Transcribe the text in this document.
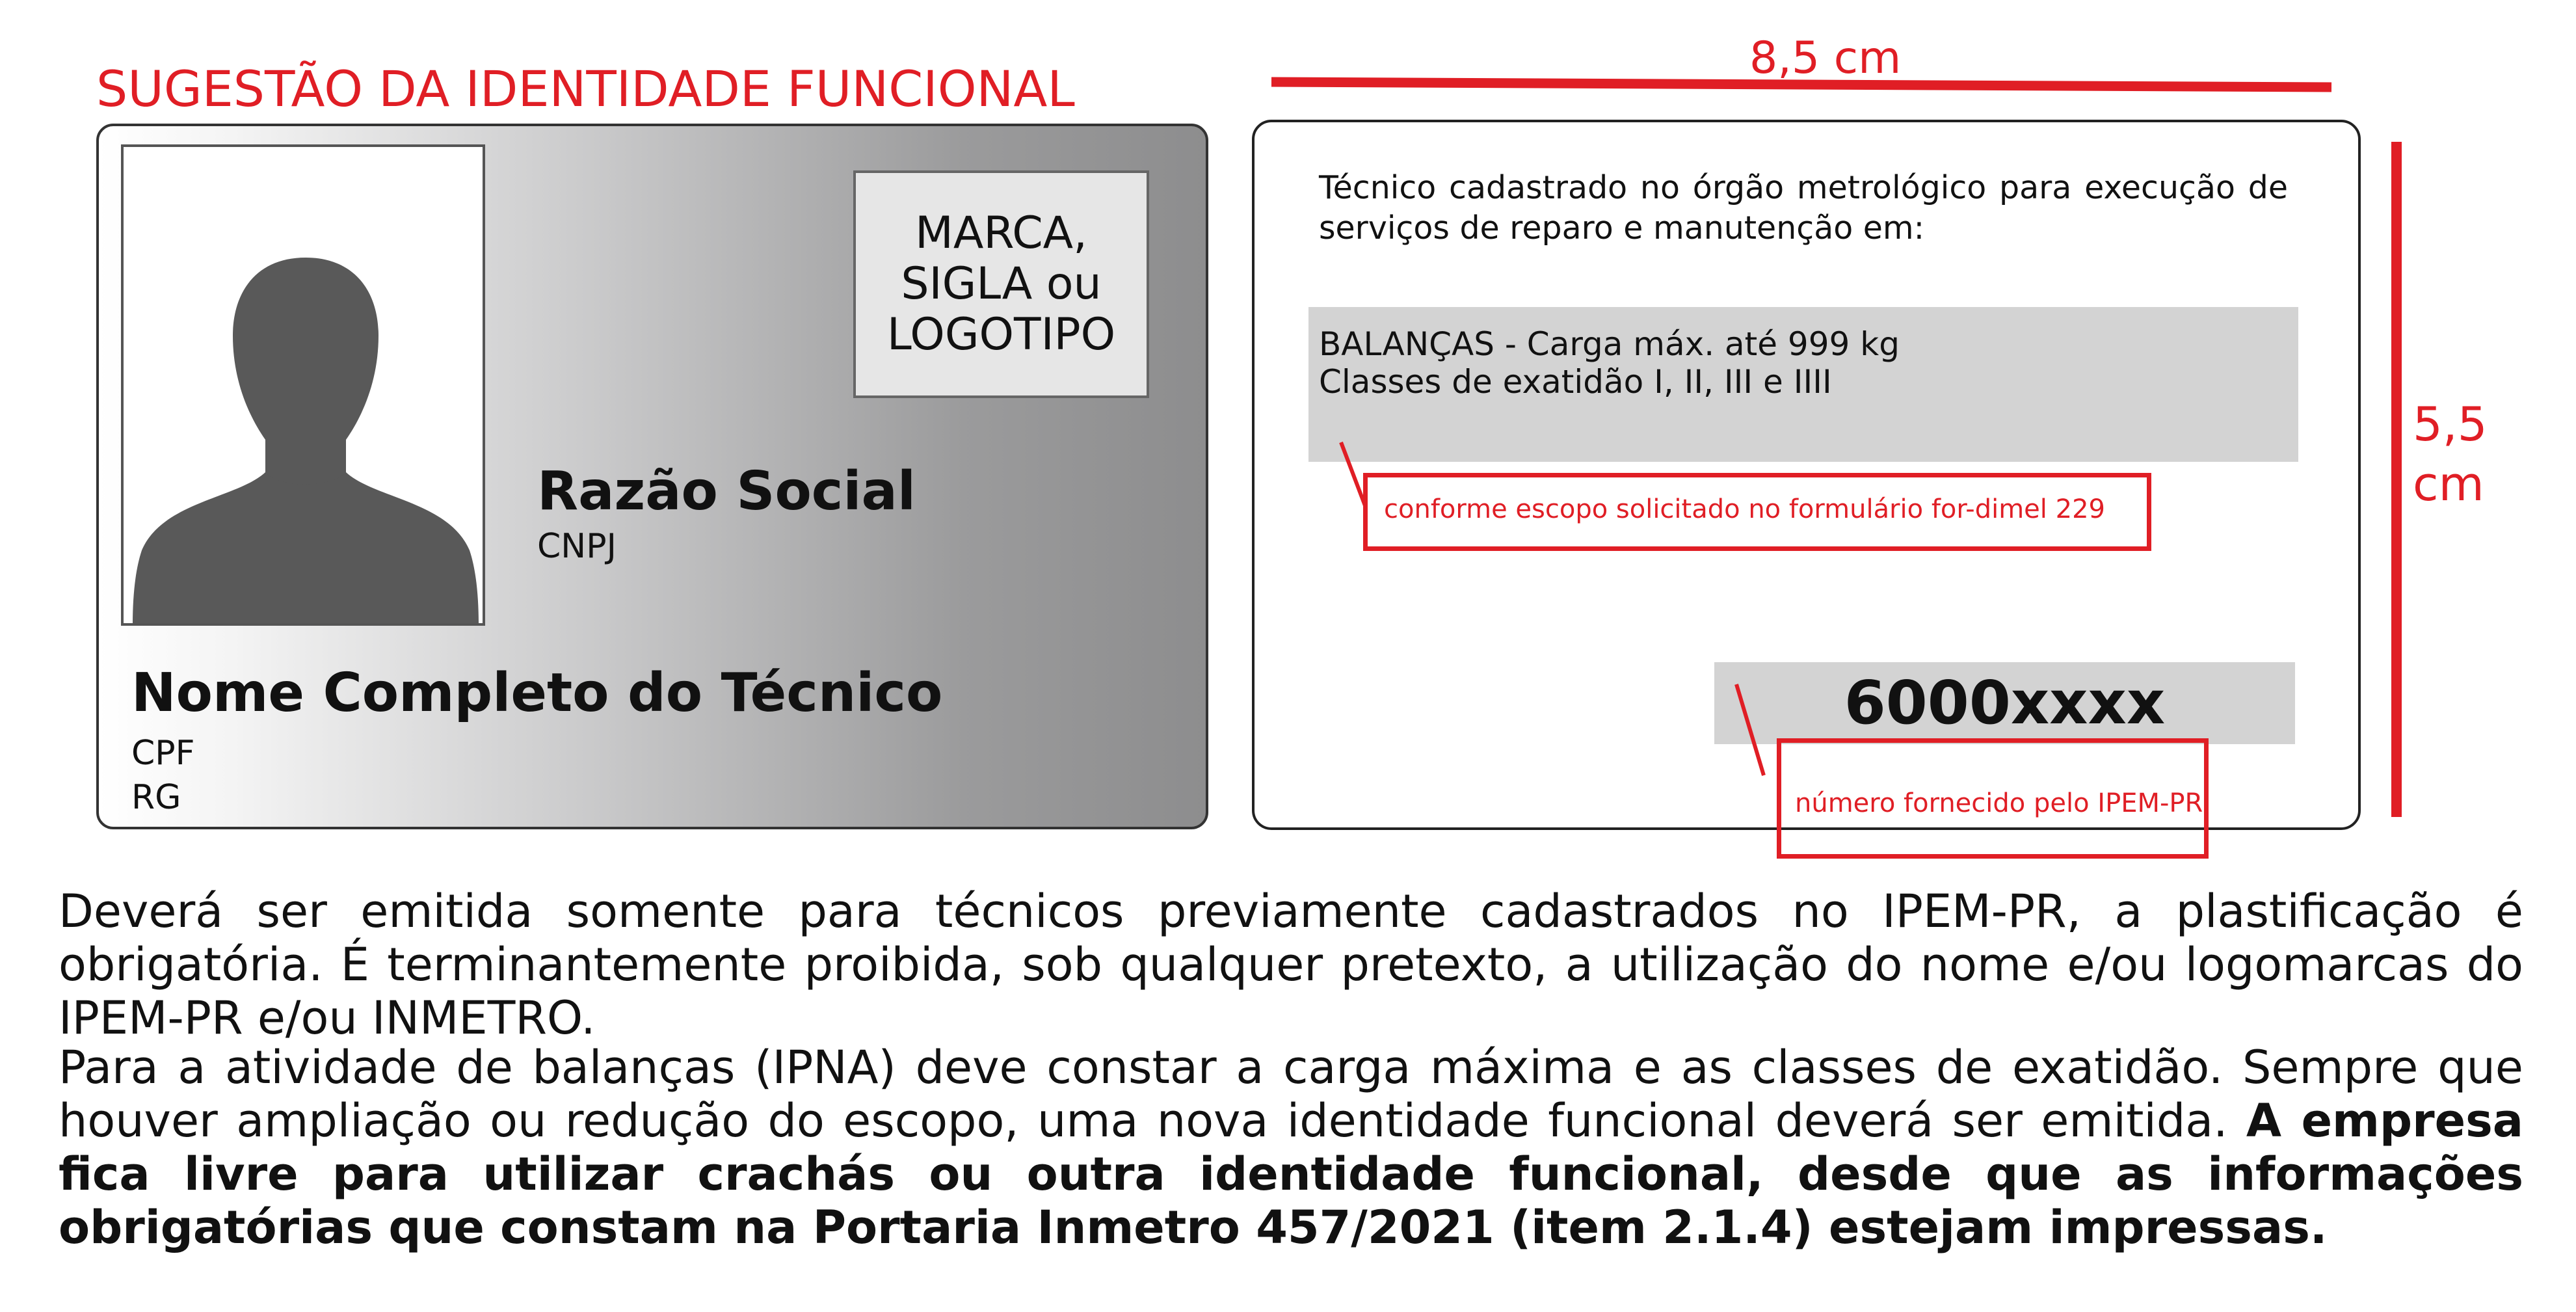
SUGESTÃO DA IDENTIDADE FUNCIONAL
MARCA,
SIGLA ou
LOGOTIPO
Razão Social
CNPJ
Nome Completo do Técnico
CPF
RG
Técnico cadastrado no órgão metrológico para execução de serviços de reparo e manutenção em:
BALANÇAS - Carga máx. até 999 kg
Classes de exatidão I, II, III e IIII
6000xxxx
conforme escopo solicitado no formulário for-dimel 229
número fornecido pelo IPEM-PR
8,5 cm
5,5
cm
Deverá ser emitida somente para técnicos previamente cadastrados no IPEM-PR, a plastificação é obrigatória. É terminantemente proibida, sob qualquer pretexto, a utilização do nome e/ou logomarcas do IPEM-PR e/ou INMETRO.
Para a atividade de balanças (IPNA) deve constar a carga máxima e as classes de exatidão. Sempre que houver ampliação ou redução do escopo, uma nova identidade funcional deverá ser emitida. A empresa fica livre para utilizar crachás ou outra identidade funcional, desde que as informações obrigatórias que constam na Portaria Inmetro 457/2021 (item 2.1.4) estejam impressas.
